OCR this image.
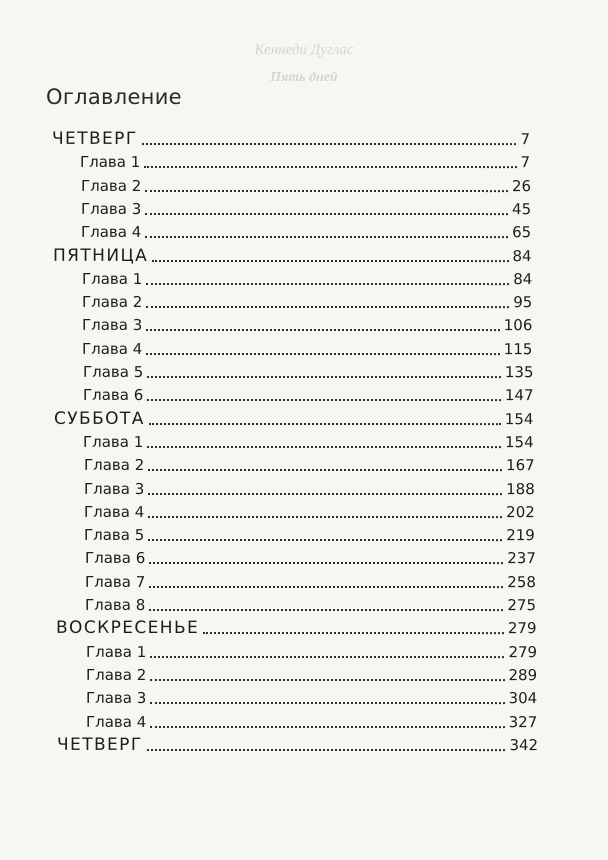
Кеннеди Дуглас
Пять дней
Оглавление
ЧЕТВЕРГ	7
Глава 1	7
Глава 2	26
Глава 3	45
Глава 4	65
ПЯТНИЦА	84
Глава 1	84
Глава 2	95
Глава 3	106
Глава 4	115
Глава 5	135
Глава 6	147
СУББОТА	154
Глава 1	154
Глава 2	167
Глава 3	188
Глава 4	202
Глава 5	219
Глава 6	237
Глава 7	258
Глава 8	275
ВОСКРЕСЕНЬЕ	279
Глава 1	279
Глава 2	289
Глава 3	304
Глава 4	327
ЧЕТВЕРГ	342
